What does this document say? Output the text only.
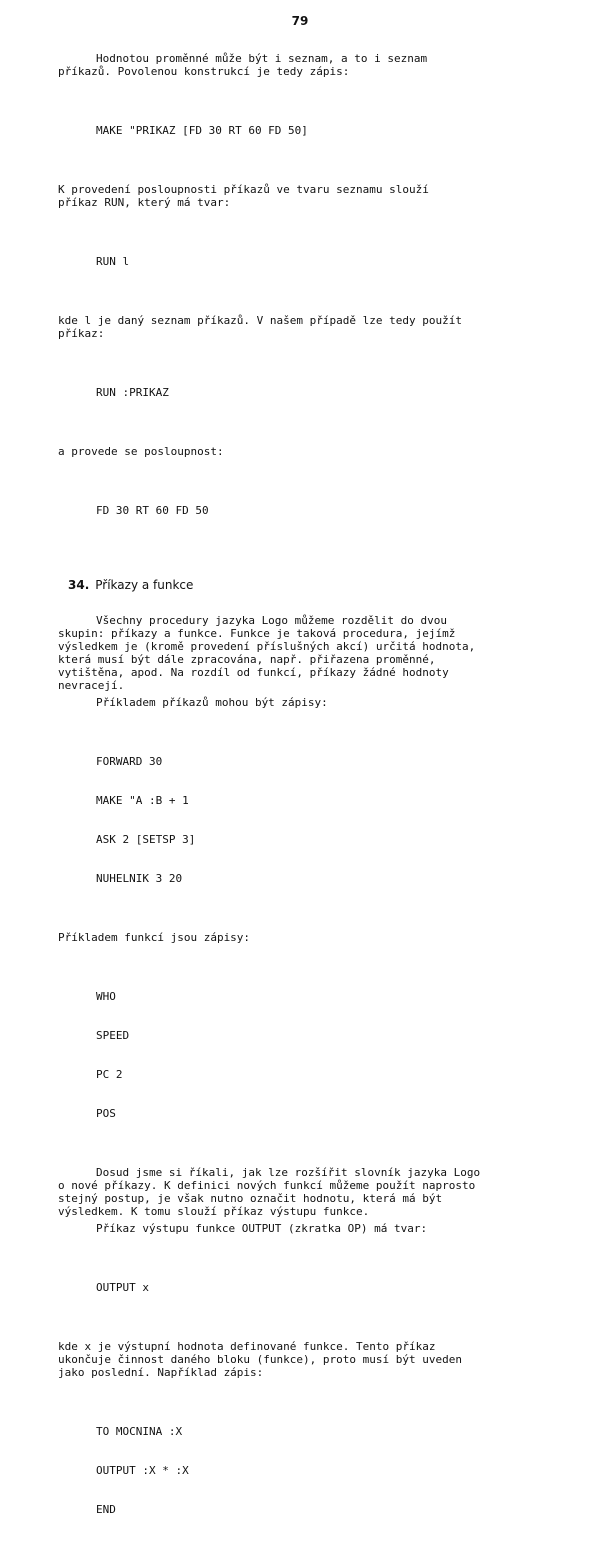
79

Hodnotou proměnné může být i seznam, a to i seznam
příkazů. Povolenou konstrukcí je tedy zápis:

MAKE "PRIKAZ [FD 30 RT 60 FD 50]

K provedení posloupnosti příkazů ve tvaru seznamu slouží
příkaz RUN, který má tvar:

RUN l

kde l je daný seznam příkazů. V našem případě lze tedy použít
příkaz:

RUN :PRIKAZ

a provede se posloupnost:

FD 30 RT 60 FD 50

34. Příkazy a funkce

Všechny procedury jazyka Logo můžeme rozdělit do dvou
skupin: příkazy a funkce. Funkce je taková procedura, jejímž
výsledkem je (kromě provedení příslušných akcí) určitá hodnota,
která musí být dále zpracována, např. přiřazena proměnné,
vytištěna, apod. Na rozdíl od funkcí, příkazy žádné hodnoty
nevracejí.

Příkladem příkazů mohou být zápisy:

FORWARD 30

MAKE "A :B + 1

ASK 2 [SETSP 3]

NUHELNIK 3 20

Příkladem funkcí jsou zápisy:

WHO

SPEED

PC 2

POS

Dosud jsme si říkali, jak lze rozšířit slovník jazyka Logo
o nové příkazy. K definici nových funkcí můžeme použít naprosto
stejný postup, je však nutno označit hodnotu, která má být
výsledkem. K tomu slouží příkaz výstupu funkce.

Příkaz výstupu funkce OUTPUT (zkratka OP) má tvar:

OUTPUT x

kde x je výstupní hodnota definované funkce. Tento příkaz
ukončuje činnost daného bloku (funkce), proto musí být uveden
jako poslední. Například zápis:

TO MOCNINA :X

OUTPUT :X * :X

END
